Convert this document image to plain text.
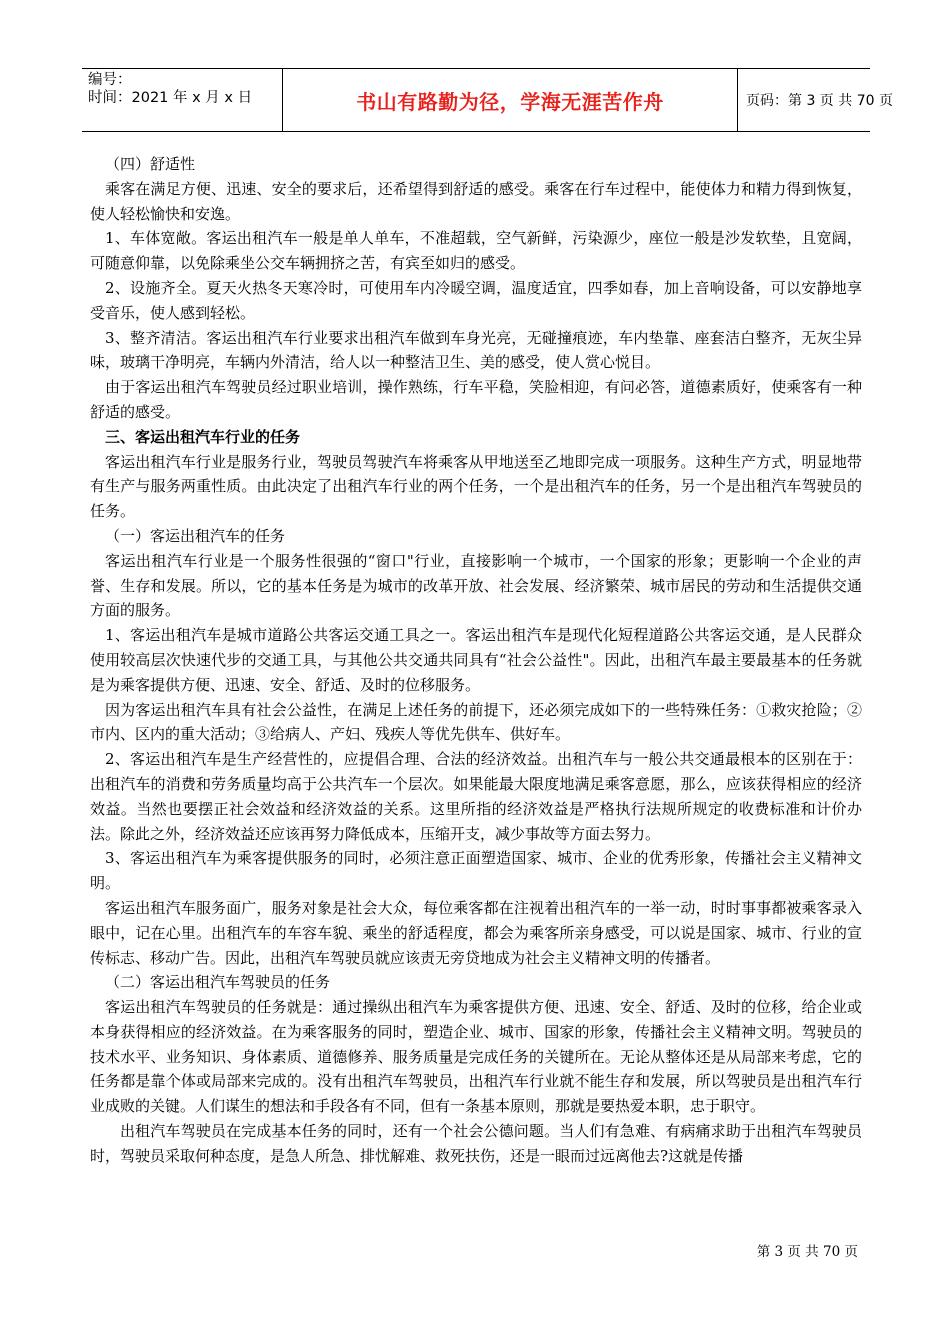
编号：
时间：2021 年 x 月 x 日	书山有路勤为径，学海无涯苦作舟	页码：第 3 页 共 70 页

（四）舒适性

乘客在满足方便、迅速、安全的要求后，还希望得到舒适的感受。乘客在行车过程中，能使体力和精力得到恢复，使人轻松愉快和安逸。

1、车体宽敞。客运出租汽车一般是单人单车，不准超载，空气新鲜，污染源少，座位一般是沙发软垫，且宽阔，可随意仰靠，以免除乘坐公交车辆拥挤之苦，有宾至如归的感受。

2、设施齐全。夏天火热冬天寒冷时，可使用车内冷暖空调，温度适宜，四季如春，加上音响设备，可以安静地享受音乐，使人感到轻松。

3、整齐清洁。客运出租汽车行业要求出租汽车做到车身光亮，无碰撞痕迹，车内垫靠、座套洁白整齐，无灰尘异味，玻璃干净明亮，车辆内外清洁，给人以一种整洁卫生、美的感受，使人赏心悦目。

由于客运出租汽车驾驶员经过职业培训，操作熟练，行车平稳，笑脸相迎，有问必答，道德素质好，使乘客有一种舒适的感受。

三、客运出租汽车行业的任务

客运出租汽车行业是服务行业，驾驶员驾驶汽车将乘客从甲地送至乙地即完成一项服务。这种生产方式，明显地带有生产与服务两重性质。由此决定了出租汽车行业的两个任务，一个是出租汽车的任务，另一个是出租汽车驾驶员的任务。

（一）客运出租汽车的任务

客运出租汽车行业是一个服务性很强的“窗口"行业，直接影响一个城市，一个国家的形象；更影响一个企业的声誉、生存和发展。所以，它的基本任务是为城市的改革开放、社会发展、经济繁荣、城市居民的劳动和生活提供交通方面的服务。

1、客运出租汽车是城市道路公共客运交通工具之一。客运出租汽车是现代化短程道路公共客运交通，是人民群众使用较高层次快速代步的交通工具，与其他公共交通共同具有“社会公益性"。因此，出租汽车最主要最基本的任务就是为乘客提供方便、迅速、安全、舒适、及时的位移服务。

因为客运出租汽车具有社会公益性，在满足上述任务的前提下，还必须完成如下的一些特殊任务：①救灾抢险；②市内、区内的重大活动；③给病人、产妇、残疾人等优先供车、供好车。

2、客运出租汽车是生产经营性的，应提倡合理、合法的经济效益。出租汽车与一般公共交通最根本的区别在于：出租汽车的消费和劳务质量均高于公共汽车一个层次。如果能最大限度地满足乘客意愿，那么，应该获得相应的经济效益。当然也要摆正社会效益和经济效益的关系。这里所指的经济效益是严格执行法规所规定的收费标准和计价办法。除此之外，经济效益还应该再努力降低成本，压缩开支，减少事故等方面去努力。

3、客运出租汽车为乘客提供服务的同时，必须注意正面塑造国家、城市、企业的优秀形象，传播社会主义精神文明。

客运出租汽车服务面广，服务对象是社会大众，每位乘客都在注视着出租汽车的一举一动，时时事事都被乘客录入眼中，记在心里。出租汽车的车容车貌、乘坐的舒适程度，都会为乘客所亲身感受，可以说是国家、城市、行业的宣传标志、移动广告。因此，出租汽车驾驶员就应该责无旁贷地成为社会主义精神文明的传播者。

（二）客运出租汽车驾驶员的任务

客运出租汽车驾驶员的任务就是：通过操纵出租汽车为乘客提供方便、迅速、安全、舒适、及时的位移，给企业或本身获得相应的经济效益。在为乘客服务的同时，塑造企业、城市、国家的形象，传播社会主义精神文明。驾驶员的技术水平、业务知识、身体素质、道德修养、服务质量是完成任务的关键所在。无论从整体还是从局部来考虑，它的任务都是靠个体或局部来完成的。没有出租汽车驾驶员，出租汽车行业就不能生存和发展，所以驾驶员是出租汽车行业成败的关键。人们谋生的想法和手段各有不同，但有一条基本原则，那就是要热爱本职，忠于职守。

出租汽车驾驶员在完成基本任务的同时，还有一个社会公德问题。当人们有急难、有病痛求助于出租汽车驾驶员时，驾驶员采取何种态度，是急人所急、排忧解难、救死扶伤，还是一眼而过远离他去?这就是传播

第 3 页 共 70 页
